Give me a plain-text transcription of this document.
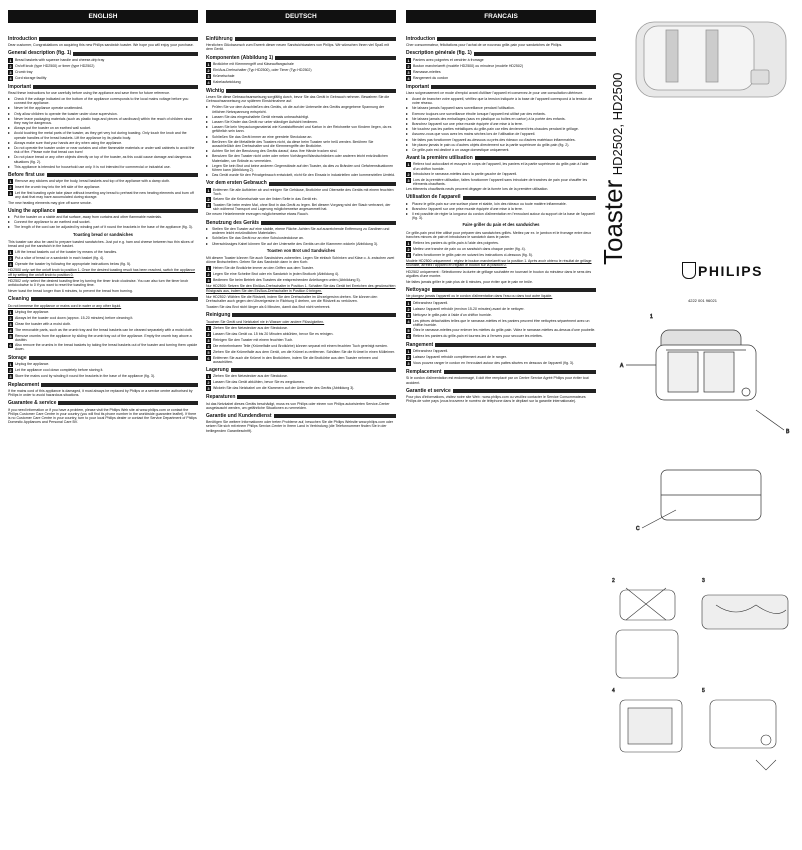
ENGLISH
Introduction
Dear customer, Congratulations on acquiring this new Philips sandwich toaster. We hope you will enjoy your purchase.
General description (fig. 1)
1 Bread baskets with squeeze handle and cheese-drip tray
2 On/off knob (type HD2500) or timer (type HD2502)
3 Crumb tray
4 Cord storage facility
Important
Read these instructions for use carefully before using the appliance and save them for future reference.
▸	Check if the voltage indicated on the bottom of the appliance corresponds to the local mains voltage before you connect the appliance.
▸	Never let the appliance operate unattended.
▸	Only allow children to operate the toaster under close supervision.
▸	Never leave packaging materials (such as plastic bags and pieces of cardboard) within the reach of children since they may be dangerous.
▸	Always put the toaster on an earthed wall socket.
▸	Avoid touching the metal parts of the toaster, as they get very hot during toasting. Only touch the knob and the operate handles of the bread baskets. Lift the appliance by its plastic body.
▸	Always make sure that your hands are dry when using the appliance.
▸	Do not operate the toaster under or near curtains and other flammable materials or under wall cabinets to avoid the risk of fire. Please note that bread can burn!
▸	Do not place bread or any other objects directly on top of the toaster, as this could cause damage and dangerous situations (fig. 2).
▸	This appliance is intended for household use only. It is not intended for commercial or industrial use.
Before first use
1 Remove any stickers and wipe the body, bread baskets and top of the appliance with a damp cloth.
2 Insert the crumb tray into the left side of the appliance.
3 Let the first toasting cycle take place without inserting any bread to preheat the new heating elements and burn off any dust that may have accumulated during storage.
The new heating elements may give off some smoke.
Using the appliance
▸	Put the toaster on a stable and flat surface, away from curtains and other flammable materials.
▸	Connect the appliance to an earthed wall socket.
▸	The length of the cord can be adjusted by winding part of it round the brackets in the base of the appliance (fig. 3).
Toasting bread or sandwiches
This toaster can also be used to prepare toasted sandwiches. Just put e.g. ham and cheese between two thin slices of bread and put the sandwich in the basket.
1 Lift the bread baskets out of the toaster by means of the handles.
2 Put a slice of bread or a sandwich in each basket (fig. 4).
3 Operate the toaster by following the appropriate instructions below (fig. 5).
HD2500 only: set the on/off knob to position 1. Once the desired toasting result has been reached, switch the appliance off by setting the on/off knob to position 0.
HD2502 only: select the desired toasting time by turning the timer knob clockwise. You can also turn the timer knob anticlockwise to 0 if you want to reset the toasting time.
Never toast the bread longer than 6 minutes, to prevent the bread from burning.
Cleaning
Do not immerse the appliance or mains cord in water or any other liquid.
1 Unplug the appliance.
2 Always let the toaster cool down (approx. 15-20 minutes) before cleaning it.
3 Clean the toaster with a moist cloth.
4 The removable parts, such as the crumb tray and the bread baskets can be cleaned separately with a moist cloth.
5 Remove crumbs from the appliance by sliding the crumb tray out of the appliance. Empty the crumb tray above a dustbin.
6 Also remove the crumbs in the bread baskets by taking the bread baskets out of the toaster and turning them upside down.
Storage
1 Unplug the appliance.
2 Let the appliance cool down completely before storing it.
3 Store the mains cord by winding it round the brackets in the base of the appliance (fig. 3).
Replacement
If the mains cord of this appliance is damaged, it must always be replaced by Philips or a service centre authorised by Philips in order to avoid hazardous situations.
Guarantee & service
If you need information or if you have a problem, please visit the Philips Web site at www.philips.com or contact the Philips Customer Care Centre in your country (you will find its phone number in the worldwide guarantee leaflet). If there is no Customer Care Centre in your country, turn to your local Philips dealer or contact the Service Department of Philips Domestic Appliances and Personal Care BV.
DEUTSCH
Einführung
Herzlichen Glückwunsch zum Erwerb dieser neuen Sandwichtoasters von Philips. Wir wünschen Ihnen viel Spaß mit dem Gerät.
Komponenten (Abbildung 1)
1 Brotkörbe mit Klemmengriff und Käseauffangschale
2 Ein/Aus-Drehschalter (Typ HD2500), oder Timer (Typ HD2502)
3 Krümelschale
4 Kabelaufwicklung
Wichtig
Lesen Sie diese Gebrauchsanweisung sorgfältig durch, bevor Sie das Gerät in Gebrauch nehmen. Bewahren Sie die Gebrauchsanweisung zur späteren Einsichtnahme auf.
▸	Prüfen Sie vor dem Anschließen des Geräts, ob die auf der Unterseite des Geräts angegebene Spannung der örtlichen Netzspannung entspricht.
▸	Lassen Sie das eingeschaltete Gerät niemals unbeaufsichtigt.
▸	Lassen Sie Kinder das Gerät nur unter ständiger Aufsicht bedienen.
▸	Lassen Sie kein Verpackungsmaterial wie Kunststoffbeutel und Karton in der Reichweite von Kindern liegen, da es gefährlich sein kann.
▸	Schließen Sie das Gerät immer an eine geerdete Steckdose an.
▸	Berühren Sie die Metallteile des Toasters nicht, da diese beim Toasten sehr heiß werden. Berühren Sie ausschließlich den Drehschalter und die Klemmengriffe der Brotkörbe.
▸	Achten Sie bei der Benutzung des Geräts darauf, dass Ihre Hände trocken sind.
▸	Benutzen Sie den Toaster nicht unter oder neben Vorhängen/Wandschränken oder anderen leicht entzündlichen Materialien, um Brände zu vermeiden.
▸	Legen Sie kein Brot und keine anderen Gegenstände auf den Toaster, da dies zu Bränden und Gefahrensituationen führen kann (Abbildung 2).
▸	Das Gerät wurde für den Privatgebrauch entwickelt, nicht für den Einsatz in industriellen oder kommerziellen Umfeld.
Vor dem ersten Gebrauch
1 Entfernen Sie alle Aufkleber ab und reinigen Sie Gehäuse, Brotkörbe und Oberseite des Geräts mit einem feuchten Tuch.
2 Setzen Sie die Krümelschale von der linken Seite in das Gerät ein.
3 Toasten Sie beim ersten Mal, ohne Brot in das Gerät zu legen. Bei diesem Vorgang wird der Staub verbrannt, der sich während Transport und Lagerung möglicherweise angesammelt hat.
Die neuen Heizelemente erzeugen möglicherweise etwas Rauch.
Benutzung des Geräts
▸	Stellen Sie den Toaster auf eine stabile, ebene Fläche. Achten Sie auf ausreichende Entfernung zu Gardinen und anderen leicht entzündlichen Materialien.
▸	Schließen Sie das Gerät nur an eine Schukosteckdose an.
▸	Überschüssiges Kabel können Sie auf der Unterseite des Geräts um die Klammern wickeln (Abbildung 3).
Toasten von Brot und Sandwiches
Mit diesem Toaster können Sie auch Sandwiches zubereiten. Legen Sie einfach Schinken und Käse o. ä. zwischen zwei dünne Brotscheiben. Geben Sie das Sandwich dann in den Korb.
1 Heben Sie die Brotkörbe immer an den Griffen aus dem Toaster.
2 Legen Sie eine Scheibe Brot oder ein Sandwich in jeden Brotkorb (Abbildung 4).
3 Bedienen Sie beim Betrieb des Toasters die entsprechenden Anleitungen unten (Abbildung 5).
Nur HD2500: Setzen Sie den Ein/Aus-Drehschalter in Position 1. Schalten Sie das Gerät bei Erreichen des gewünschten Röstgrads aus, indem Sie den Ein/Aus-Drehschalter in Position 0 bringen.
Nur HD2502: Wählen Sie die Röstzeit, indem Sie den Drehschalter im Uhrzeigersinn drehen. Sie können den Drehschalter auch gegen den Uhrzeigersinn in Richtung 0 drehen, um die Röstzeit zu verkürzen.
Toasten Sie das Brot nicht länger als 6 Minuten, damit das Brot nicht verbrennt.
Reinigung
Tauchen Sie Gerät und Netzkabel nie in Wasser oder andere Flüssigkeiten.
1 Ziehen Sie den Netzstecker aus der Steckdose.
2 Lassen Sie das Gerät ca. 15 bis 20 Minuten abkühlen, bevor Sie es reinigen.
3 Reinigen Sie den Toaster mit einem feuchten Tuch.
4 Die entnehmbaren Teile (Krümelfalle und Brotkörbe) können separat mit einem feuchten Tuch gereinigt werden.
5 Ziehen Sie die Krümelfalle aus dem Gerät, um die Krümel zu entfernen. Schütten Sie die Krümel in einen Mülleimer.
6 Entfernen Sie auch die Krümel in den Brotkörben, indem Sie die Brotkörbe aus dem Toaster nehmen und ausschütten.
Lagerung
1 Ziehen Sie den Netzstecker aus der Steckdose.
2 Lassen Sie das Gerät abkühlen, bevor Sie es wegräumen.
3 Wickeln Sie das Netzkabel um die Klammern auf der Unterseite des Geräts (Abbildung 3).
Reparaturen
Ist das Netzkabel dieses Geräts beschädigt, muss es von Philips oder einem von Philips autorisierten Service-Center ausgetauscht werden, um gefährliche Situationen zu vermeiden.
Garantie und Kundendienst
Benötigen Sie weitere Informationen oder treten Probleme auf, besuchen Sie die Philips Website www.philips.com oder setzen Sie sich mit einem Philips Service-Center in Ihrem Land in Verbindung (die Telefonnummer finden Sie in der beiliegenden Garantieschrift).
FRANCAIS
Introduction
Cher consommateur, félicitations pour l'achat de ce nouveau grille-pain pour sandwiches de Philips.
Description générale (fig. 1)
1 Paniers avec poignées et cendrier à fromage
2 Bouton marche/arrêt (modèle HD2500) ou minuteur (modèle HD2502)
3 Ramasse-miettes
4 Rangement du cordon
Important
Lisez soigneusement ce mode d'emploi avant d'utiliser l'appareil et conservez-le pour une consultation ultérieure.
▸	Avant de brancher votre appareil, vérifiez que la tension indiquée à la base de l'appareil correspond à la tension de votre réseau.
▸	Ne laissez jamais l'appareil sans surveillance pendant l'utilisation.
▸	Exercez toujours une surveillance étroite lorsque l'appareil est utilisé par des enfants.
▸	Ne laissez jamais des emballages (sacs en plastique ou boîtes en carton) à la portée des enfants.
▸	Branchez l'appareil sur une prise murale équipée d'une mise à la terre.
▸	Ne touchez pas les parties métalliques du grille-pain car elles deviennent très chaudes pendant le grillage.
▸	Assurez-vous que vous avez les mains sèches lors de l'utilisation de l'appareil.
▸	Ne faites pas fonctionner l'appareil au-dessous ou près des rideaux ou d'autres matériaux inflammables.
▸	Ne placez jamais le pain ou d'autres objets directement sur la partie supérieure du grille-pain (fig. 2).
▸	Ce grille-pain est destiné à un usage domestique uniquement.
Avant la première utilisation
1 Retirez tout autocollant et essuyez le corps de l'appareil, les paniers et la partie supérieure du grille-pain à l'aide d'un chiffon humide.
2 Introduisez le ramasse-miettes dans la partie gauche de l'appareil.
3 Lors de la première utilisation, faites fonctionner l'appareil sans introduire de tranches de pain pour chauffer les éléments chauffants.
Les éléments chauffants neufs peuvent dégager de la fumée lors de la première utilisation.
Utilisation de l'appareil
▸	Placez le grille-pain sur une surface plane et stable, loin des rideaux ou toute matière inflammable.
▸	Branchez l'appareil sur une prise murale équipée d'une mise à la terre.
▸	Il est possible de régler la longueur du cordon d'alimentation en l'enroulant autour du support de la base de l'appareil (fig. 3).
Faire griller du pain et des sandwiches
Ce grille-pain peut être utilisé pour préparer des sandwiches grillés. Mettez par ex. le jambon et le fromage entre deux tranches minces de pain et introduisez le sandwich dans le panier.
1 Retirez les paniers du grille-pain à l'aide des poignées.
2 Mettez une tranche de pain ou un sandwich dans chaque panier (fig. 4).
3 Faites fonctionner le grille-pain en suivant les instructions ci-dessous (fig. 5).
Modèle HD2500 uniquement : réglez le bouton marche/arrêt sur la position 1. Après avoir obtenu le résultat de grillage souhaité, arrêtez l'appareil en réglant le bouton sur la position 0.
HD2502 uniquement : Sélectionnez la durée de grillage souhaitée en tournant le bouton du minuteur dans le sens des aiguilles d'une montre.
Ne faites jamais griller le pain plus de 6 minutes, pour éviter que le pain ne brûle.
Nettoyage
Ne plongez jamais l'appareil ou le cordon d'alimentation dans l'eau ou dans tout autre liquide.
1 Débranchez l'appareil.
2 Laissez l'appareil refroidir (environ 15-20 minutes) avant de le nettoyer.
3 Nettoyez le grille-pain à l'aide d'un chiffon humide.
4 Les pièces détachables telles que le ramasse-miettes et les paniers peuvent être nettoyées séparément avec un chiffon humide.
5 Ôtez le ramasse-miettes pour enlever les miettes du grille-pain. Videz le ramasse-miettes au-dessus d'une poubelle.
6 Retirez les paniers du grille-pain et tournez-les à l'envers pour secouer les miettes.
Rangement
1 Débranchez l'appareil.
2 Laissez l'appareil refroidir complètement avant de le ranger.
3 Vous pouvez ranger le cordon en l'enroulant autour des pattes situées en dessous de l'appareil (fig. 3).
Remplacement
Si le cordon d'alimentation est endommagé, il doit être remplacé par un Centre Service Agréé Philips pour éviter tout accident.
Garantie et service
Pour plus d'informations, visitez notre site Web : www.philips.com ou veuillez contacter le Service Consommateurs Philips de votre pays (vous trouverez le numéro de téléphone dans le dépliant sur la garantie internationale).
Toaster HD2502, HD2500
PHILIPS
4222 001 96021
1
A
B
C
2	3
4	5
